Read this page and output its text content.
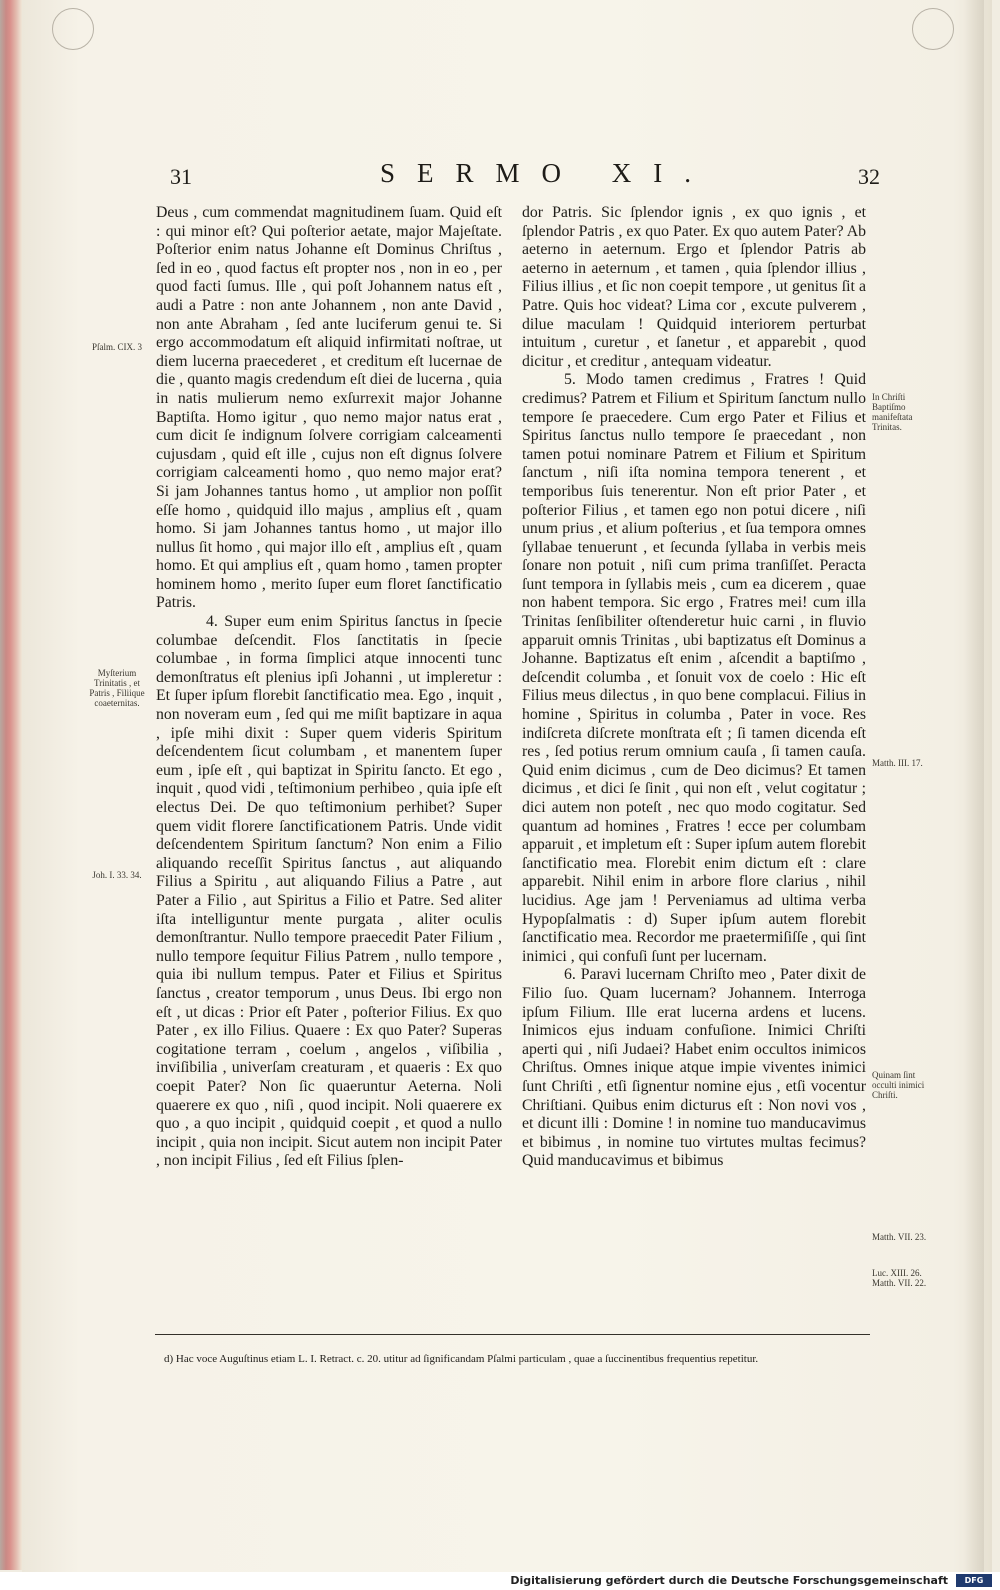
31	SERMO XI.	32

Deus , cum commendat magnitudinem ſuam. Quid eſt : qui minor eſt? Qui poſterior aetate, major Majeſtate. Poſterior enim natus Johanne eſt Dominus Chriſtus , ſed in eo , quod factus eſt propter nos , non in eo , per quod facti ſumus. Ille , qui poſt Johannem natus eſt , audi a Patre : non ante Johannem , non ante David , non ante Abraham , ſed ante luciferum genui te. Si ergo accommodatum eſt aliquid infirmitati noſtrae, ut diem lucerna praecederet , et creditum eſt lucernae de die , quanto magis credendum eſt diei de lucerna , quia in natis mulierum nemo exſurrexit major Johanne Baptiſta. Homo igitur , quo nemo major natus erat , cum dicit ſe indignum ſolvere corrigiam calceamenti cujusdam , quid eſt ille , cujus non eſt dignus ſolvere corrigiam calceamenti homo , quo nemo major erat? Si jam Johannes tantus homo , ut amplior non poſſit eſſe homo , quidquid illo majus , amplius eſt , quam homo. Si jam Johannes tantus homo , ut major illo nullus ſit homo , qui major illo eſt , amplius eſt , quam homo. Et qui amplius eſt , quam homo , tamen propter hominem homo , merito ſuper eum floret ſanctificatio Patris.

4. Super eum enim Spiritus ſanctus in ſpecie columbae deſcendit. Flos ſanctitatis in ſpecie columbae , in forma ſimplici atque innocenti tunc demonſtratus eſt plenius ipſi Johanni , ut impleretur : Et ſuper ipſum florebit ſanctificatio mea. Ego , inquit , non noveram eum , ſed qui me miſit baptizare in aqua , ipſe mihi dixit : Super quem videris Spiritum deſcendentem ſicut columbam , et manentem ſuper eum , ipſe eſt , qui baptizat in Spiritu ſancto. Et ego , inquit , quod vidi , teſtimonium perhibeo , quia ipſe eſt electus Dei. De quo teſtimonium perhibet? Super quem vidit florere ſanctificationem Patris. Unde vidit deſcendentem Spiritum ſanctum? Non enim a Filio aliquando receſſit Spiritus ſanctus , aut aliquando Filius a Spiritu , aut aliquando Filius a Patre , aut Pater a Filio , aut Spiritus a Filio et Patre. Sed aliter iſta intelliguntur mente purgata , aliter oculis demonſtrantur. Nullo tempore praecedit Pater Filium , nullo tempore ſequitur Filius Patrem , nullo tempore , quia ibi nullum tempus. Pater et Filius et Spiritus ſanctus , creator temporum , unus Deus. Ibi ergo non eſt , ut dicas : Prior eſt Pater , poſterior Filius. Ex quo Pater , ex illo Filius. Quaere : Ex quo Pater? Superas cogitatione terram , coelum , angelos , viſibilia , inviſibilia , univerſam creaturam , et quaeris : Ex quo coepit Pater? Non ſic quaeruntur Aeterna. Noli quaerere ex quo , niſi , quod incipit. Noli quaerere ex quo , a quo incipit , quidquid coepit , et quod a nullo incipit , quia non incipit. Sicut autem non incipit Pater , non incipit Filius , ſed eſt Filius ſplen-

dor Patris. Sic ſplendor ignis , ex quo ignis , et ſplendor Patris , ex quo Pater. Ex quo autem Pater? Ab aeterno in aeternum. Ergo et ſplendor Patris ab aeterno in aeternum , et tamen , quia ſplendor illius , Filius illius , et ſic non coepit tempore , ut genitus ſit a Patre. Quis hoc videat? Lima cor , excute pulverem , dilue maculam ! Quidquid interiorem perturbat intuitum , curetur , et ſanetur , et apparebit , quod dicitur , et creditur , antequam videatur.

5. Modo tamen credimus , Fratres ! Quid credimus? Patrem et Filium et Spiritum ſanctum nullo tempore ſe praecedere. Cum ergo Pater et Filius et Spiritus ſanctus nullo tempore ſe praecedant , non tamen potui nominare Patrem et Filium et Spiritum ſanctum , niſi iſta nomina tempora tenerent , et temporibus ſuis tenerentur. Non eſt prior Pater , et poſterior Filius , et tamen ego non potui dicere , niſi unum prius , et alium poſterius , et ſua tempora omnes ſyllabae tenuerunt , et ſecunda ſyllaba in verbis meis ſonare non potuit , niſi cum prima tranſiſſet. Peracta ſunt tempora in ſyllabis meis , cum ea dicerem , quae non habent tempora. Sic ergo , Fratres mei! cum illa Trinitas ſenſibiliter oſtenderetur huic carni , in fluvio apparuit omnis Trinitas , ubi baptizatus eſt Dominus a Johanne. Baptizatus eſt enim , aſcendit a baptiſmo , deſcendit columba , et ſonuit vox de coelo : Hic eſt Filius meus dilectus , in quo bene complacui. Filius in homine , Spiritus in columba , Pater in voce. Res indiſcreta diſcrete monſtrata eſt ; ſi tamen dicenda eſt res , ſed potius rerum omnium cauſa , ſi tamen cauſa. Quid enim dicimus , cum de Deo dicimus? Et tamen dicimus , et dici ſe ſinit , qui non eſt , velut cogitatur ; dici autem non poteſt , nec quo modo cogitatur. Sed quantum ad homines , Fratres ! ecce per columbam apparuit , et impletum eſt : Super ipſum autem florebit ſanctificatio mea. Florebit enim dictum eſt : clare apparebit. Nihil enim in arbore flore clarius , nihil lucidius. Age jam ! Perveniamus ad ultima verba Hypopſalmatis : d) Super ipſum autem florebit ſanctificatio mea. Recordor me praetermiſiſſe , qui ſint inimici , qui confuſi ſunt per lucernam.

6. Paravi lucernam Chriſto meo , Pater dixit de Filio ſuo. Quam lucernam? Johannem. Interroga ipſum Filium. Ille erat lucerna ardens et lucens. Inimicos ejus induam confuſione. Inimici Chriſti aperti qui , niſi Judaei? Habet enim occultos inimicos Chriſtus. Omnes inique atque impie viventes inimici ſunt Chriſti , etſi ſignentur nomine ejus , etſi vocentur Chriſtiani. Quibus enim dicturus eſt : Non novi vos , et dicunt illi : Domine ! in nomine tuo manducavimus et bibimus , in nomine tuo virtutes multas fecimus? Quid manducavimus et bibimus

Pſalm. CIX. 3
Myſterium Trinitatis , et Patris , Filiique coaeternitas.
Joh. I. 33. 34.
In Chriſti Baptiſmo manifeſtata Trinitas.
Matth. III. 17.
Quinam ſint occulti inimici Chriſti.
Matth. VII. 23.
Luc. XIII. 26. Matth. VII. 22.
d) Hac voce Auguſtinus etiam L. I. Retract. c. 20. utitur ad ſignificandam Pſalmi particulam , quae a ſuccinentibus frequentius repetitur.
Digitalisierung gefördert durch die Deutsche Forschungsgemeinschaft	DFG
